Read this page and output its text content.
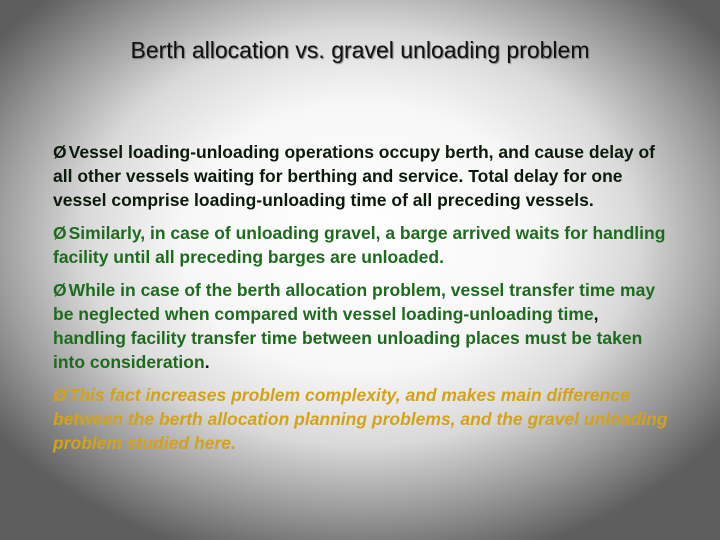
Berth allocation vs. gravel unloading problem

Ø Vessel loading-unloading operations occupy berth, and cause delay of all other vessels waiting for berthing and service. Total delay for one vessel comprise loading-unloading time of all preceding vessels.

Ø Similarly, in case of unloading gravel, a barge arrived waits for handling facility until all preceding barges are unloaded.

Ø While in case of the berth allocation problem, vessel transfer time may be neglected when compared with vessel loading-unloading time, handling facility transfer time between unloading places must be taken into consideration.

Ø This fact increases problem complexity, and makes main difference between the berth allocation planning problems, and the gravel unloading problem studied here.
